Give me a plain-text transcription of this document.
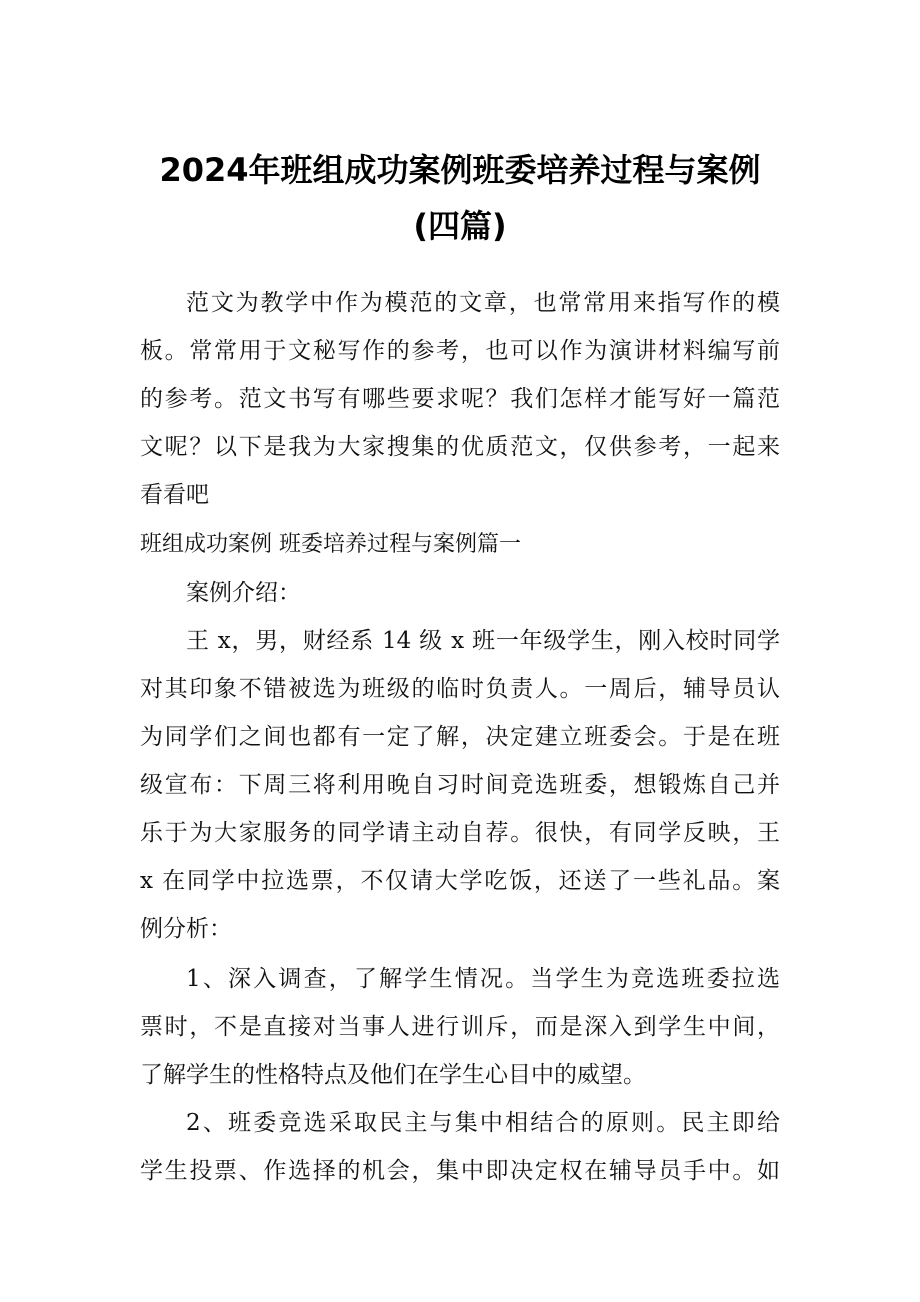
2024年班组成功案例班委培养过程与案例
(四篇)
范文为教学中作为模范的文章，也常常用来指写作的模
板。常常用于文秘写作的参考，也可以作为演讲材料编写前
的参考。范文书写有哪些要求呢？我们怎样才能写好一篇范
文呢？以下是我为大家搜集的优质范文，仅供参考，一起来
看看吧
班组成功案例 班委培养过程与案例篇一
案例介绍：
王 x，男，财经系 14 级 x 班一年级学生，刚入校时同学
对其印象不错被选为班级的临时负责人。一周后，辅导员认
为同学们之间也都有一定了解，决定建立班委会。于是在班
级宣布：下周三将利用晚自习时间竞选班委，想锻炼自己并
乐于为大家服务的同学请主动自荐。很快，有同学反映，王
x 在同学中拉选票，不仅请大学吃饭，还送了一些礼品。案
例分析：
1、深入调查，了解学生情况。当学生为竞选班委拉选
票时，不是直接对当事人进行训斥，而是深入到学生中间，
了解学生的性格特点及他们在学生心目中的威望。
2、班委竞选采取民主与集中相结合的原则。民主即给
学生投票、作选择的机会，集中即决定权在辅导员手中。如
